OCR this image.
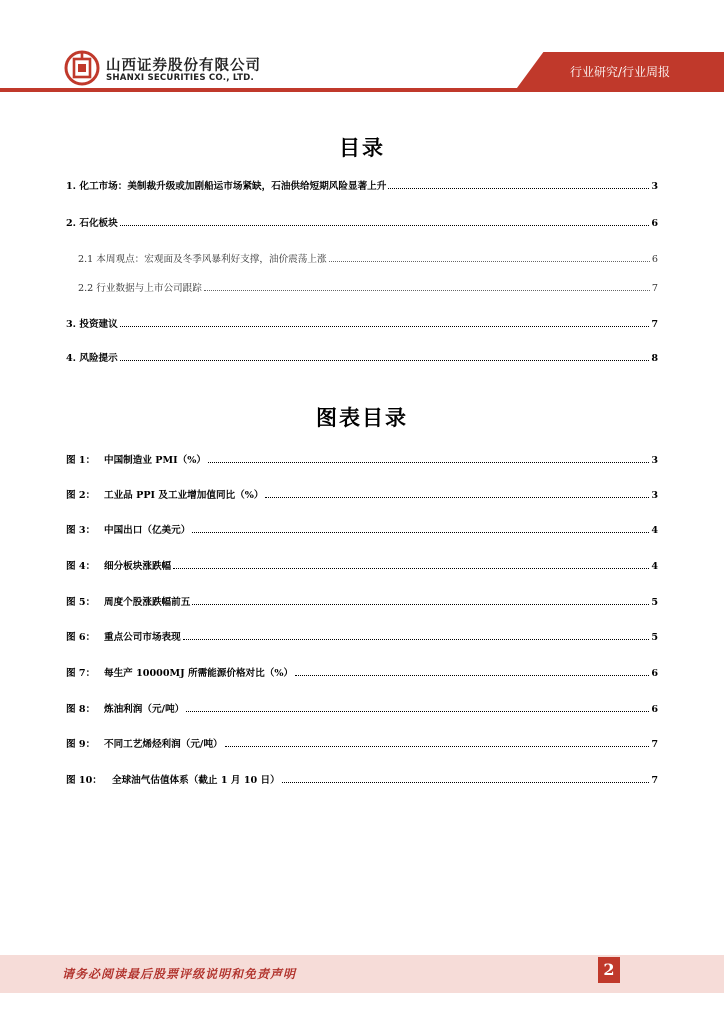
山西证券股份有限公司
SHANXI SECURITIES CO., LTD.	行业研究/行业周报
目录
1. 化工市场：美制裁升级或加剧船运市场紧缺，石油供给短期风险显著上升	3
2. 石化板块	6
2.1 本周观点：宏观面及冬季风暴利好支撑，油价震荡上涨	6
2.2 行业数据与上市公司跟踪	7
3. 投资建议	7
4. 风险提示	8
图表目录
图 1： 中国制造业 PMI（%）	3
图 2： 工业品 PPI 及工业增加值同比（%）	3
图 3： 中国出口（亿美元）	4
图 4： 细分板块涨跌幅	4
图 5： 周度个股涨跌幅前五	5
图 6： 重点公司市场表现	5
图 7： 每生产 10000MJ 所需能源价格对比（%）	6
图 8： 炼油利润（元/吨）	6
图 9： 不同工艺烯烃利润（元/吨）	7
图 10： 全球油气估值体系（截止 1 月 10 日）	7
请务必阅读最后股票评级说明和免责声明	2
